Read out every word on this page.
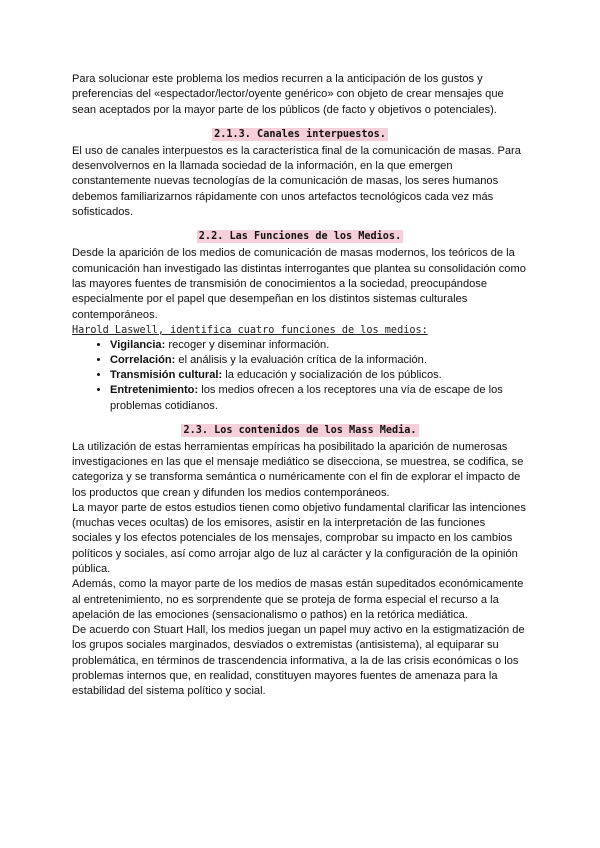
Para solucionar este problema los medios recurren a la anticipación de los gustos y preferencias del «espectador/lector/oyente genérico» con objeto de crear mensajes que sean aceptados por la mayor parte de los públicos (de facto y objetivos o potenciales).

2.1.3. Canales interpuestos.

El uso de canales interpuestos es la característica final de la comunicación de masas. Para desenvolvernos en la llamada sociedad de la información, en la que emergen constantemente nuevas tecnologías de la comunicación de masas, los seres humanos debemos familiarizarnos rápidamente con unos artefactos tecnológicos cada vez más sofisticados.

2.2. Las Funciones de los Medios.

Desde la aparición de los medios de comunicación de masas modernos, los teóricos de la comunicación han investigado las distintas interrogantes que plantea su consolidación como las mayores fuentes de transmisión de conocimientos a la sociedad, preocupándose especialmente por el papel que desempeñan en los distintos sistemas culturales contemporáneos.

Harold Laswell, identifica cuatro funciones de los medios:

• Vigilancia: recoger y diseminar información.
• Correlación: el análisis y la evaluación crítica de la información.
• Transmisión cultural: la educación y socialización de los públicos.
• Entretenimiento: los medios ofrecen a los receptores una vía de escape de los problemas cotidianos.
2.3. Los contenidos de los Mass Media.

La utilización de estas herramientas empíricas ha posibilitado la aparición de numerosas investigaciones en las que el mensaje mediático se disecciona, se muestrea, se codifica, se categoriza y se transforma semántica o numéricamente con el fin de explorar el impacto de los productos que crean y difunden los medios contemporáneos.

La mayor parte de estos estudios tienen como objetivo fundamental clarificar las intenciones (muchas veces ocultas) de los emisores, asistir en la interpretación de las funciones sociales y los efectos potenciales de los mensajes, comprobar su impacto en los cambios políticos y sociales, así como arrojar algo de luz al carácter y la configuración de la opinión pública.

Además, como la mayor parte de los medios de masas están supeditados económicamente al entretenimiento, no es sorprendente que se proteja de forma especial el recurso a la apelación de las emociones (sensacionalismo o pathos) en la retórica mediática.

De acuerdo con Stuart Hall, los medios juegan un papel muy activo en la estigmatización de los grupos sociales marginados, desviados o extremistas (antisistema), al equiparar su problemática, en términos de trascendencia informativa, a la de las crisis económicas o los problemas internos que, en realidad, constituyen mayores fuentes de amenaza para la estabilidad del sistema político y social.
